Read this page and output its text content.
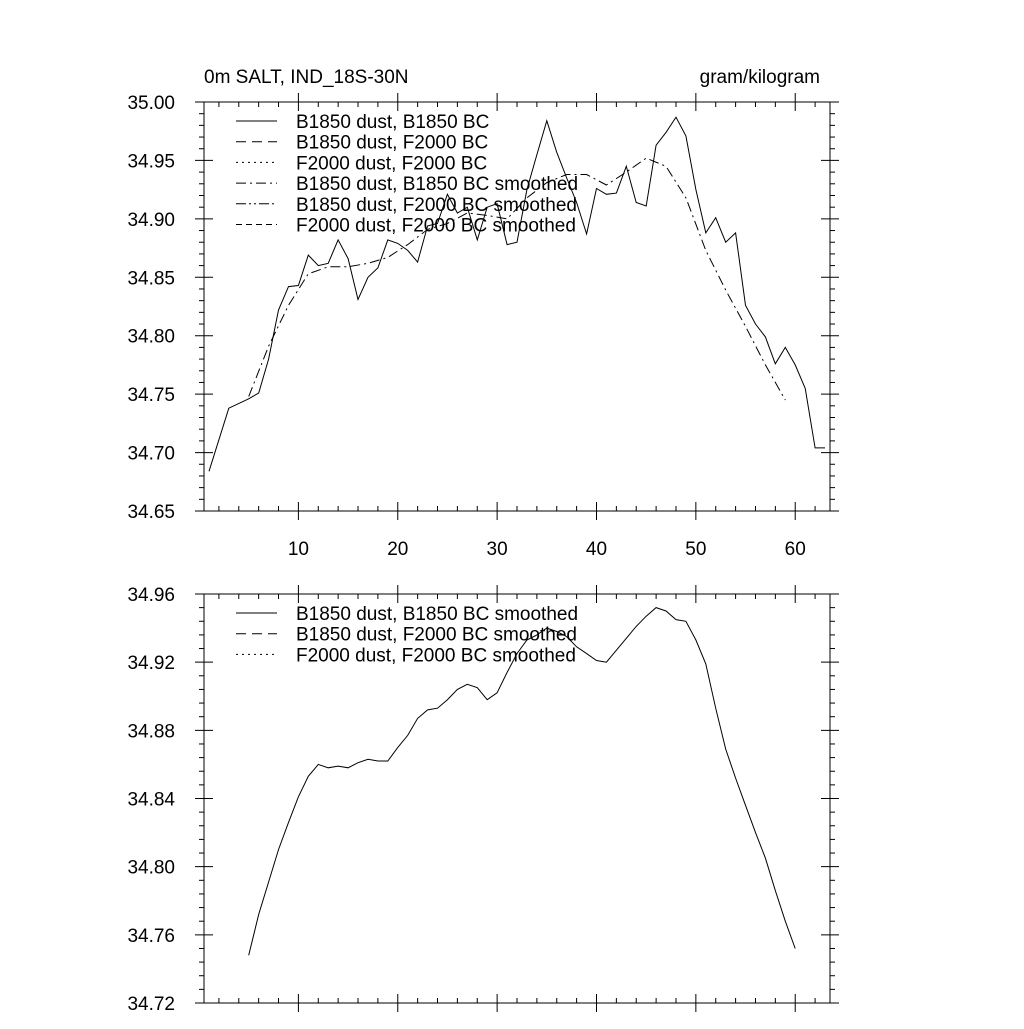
0m SALT, IND_18S-30N	gram/kilogram
10	20	30	40	50	60
34.65
34.70
34.75
34.80
34.85
34.90
34.95
35.00
B1850 dust, B1850 BC
B1850 dust, F2000 BC
F2000 dust, F2000 BC
B1850 dust, B1850 BC smoothed
B1850 dust, F2000 BC smoothed
F2000 dust, F2000 BC smoothed
34.72
34.76
34.80
34.84
34.88
34.92
34.96
B1850 dust, B1850 BC smoothed
B1850 dust, F2000 BC smoothed
F2000 dust, F2000 BC smoothed
